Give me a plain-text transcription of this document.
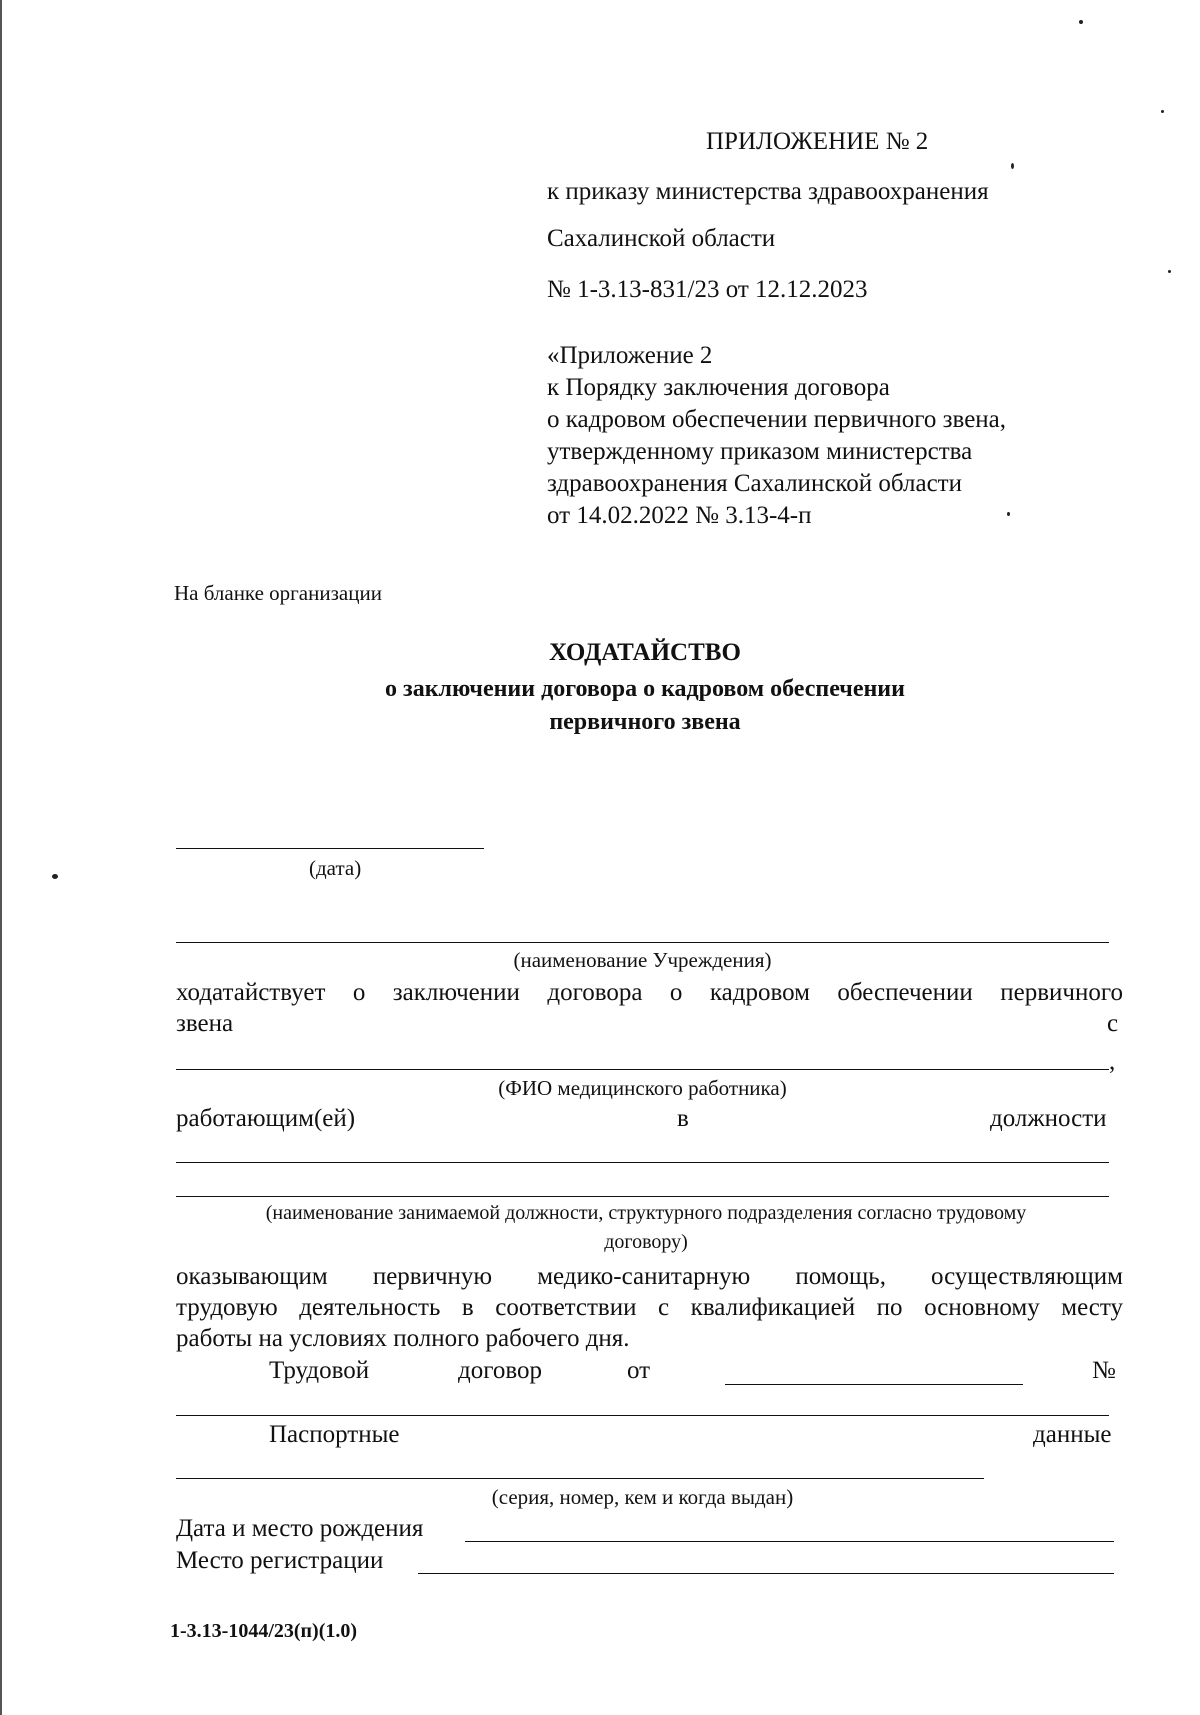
ПРИЛОЖЕНИЕ № 2
к приказу министерства здравоохранения
Сахалинской области
№ 1-3.13-831/23 от 12.12.2023
«Приложение 2
к Порядку заключения договора
о кадровом обеспечении первичного звена,
утвержденному приказом министерства
здравоохранения Сахалинской области
от 14.02.2022 № 3.13-4-п
На бланке организации
ХОДАТАЙСТВО
о заключении договора о кадровом обеспечении
первичного звена
(дата)
(наименование Учреждения)
ходатайствует о заключении договора о кадровом обеспечении первичного
звена	с
,
(ФИО медицинского работника)
работающим(ей)	в	должности
(наименование занимаемой должности, структурного подразделения согласно трудовому
договору)
оказывающим первичную медико-санитарную помощь, осуществляющим
трудовую деятельность в соответствии с квалификацией по основному месту
работы на условиях полного рабочего дня.
Трудовой	договор	от	№
Паспортные	данные
(серия, номер, кем и когда выдан)
Дата и место рождения
Место регистрации
1-3.13-1044/23(п)(1.0)
